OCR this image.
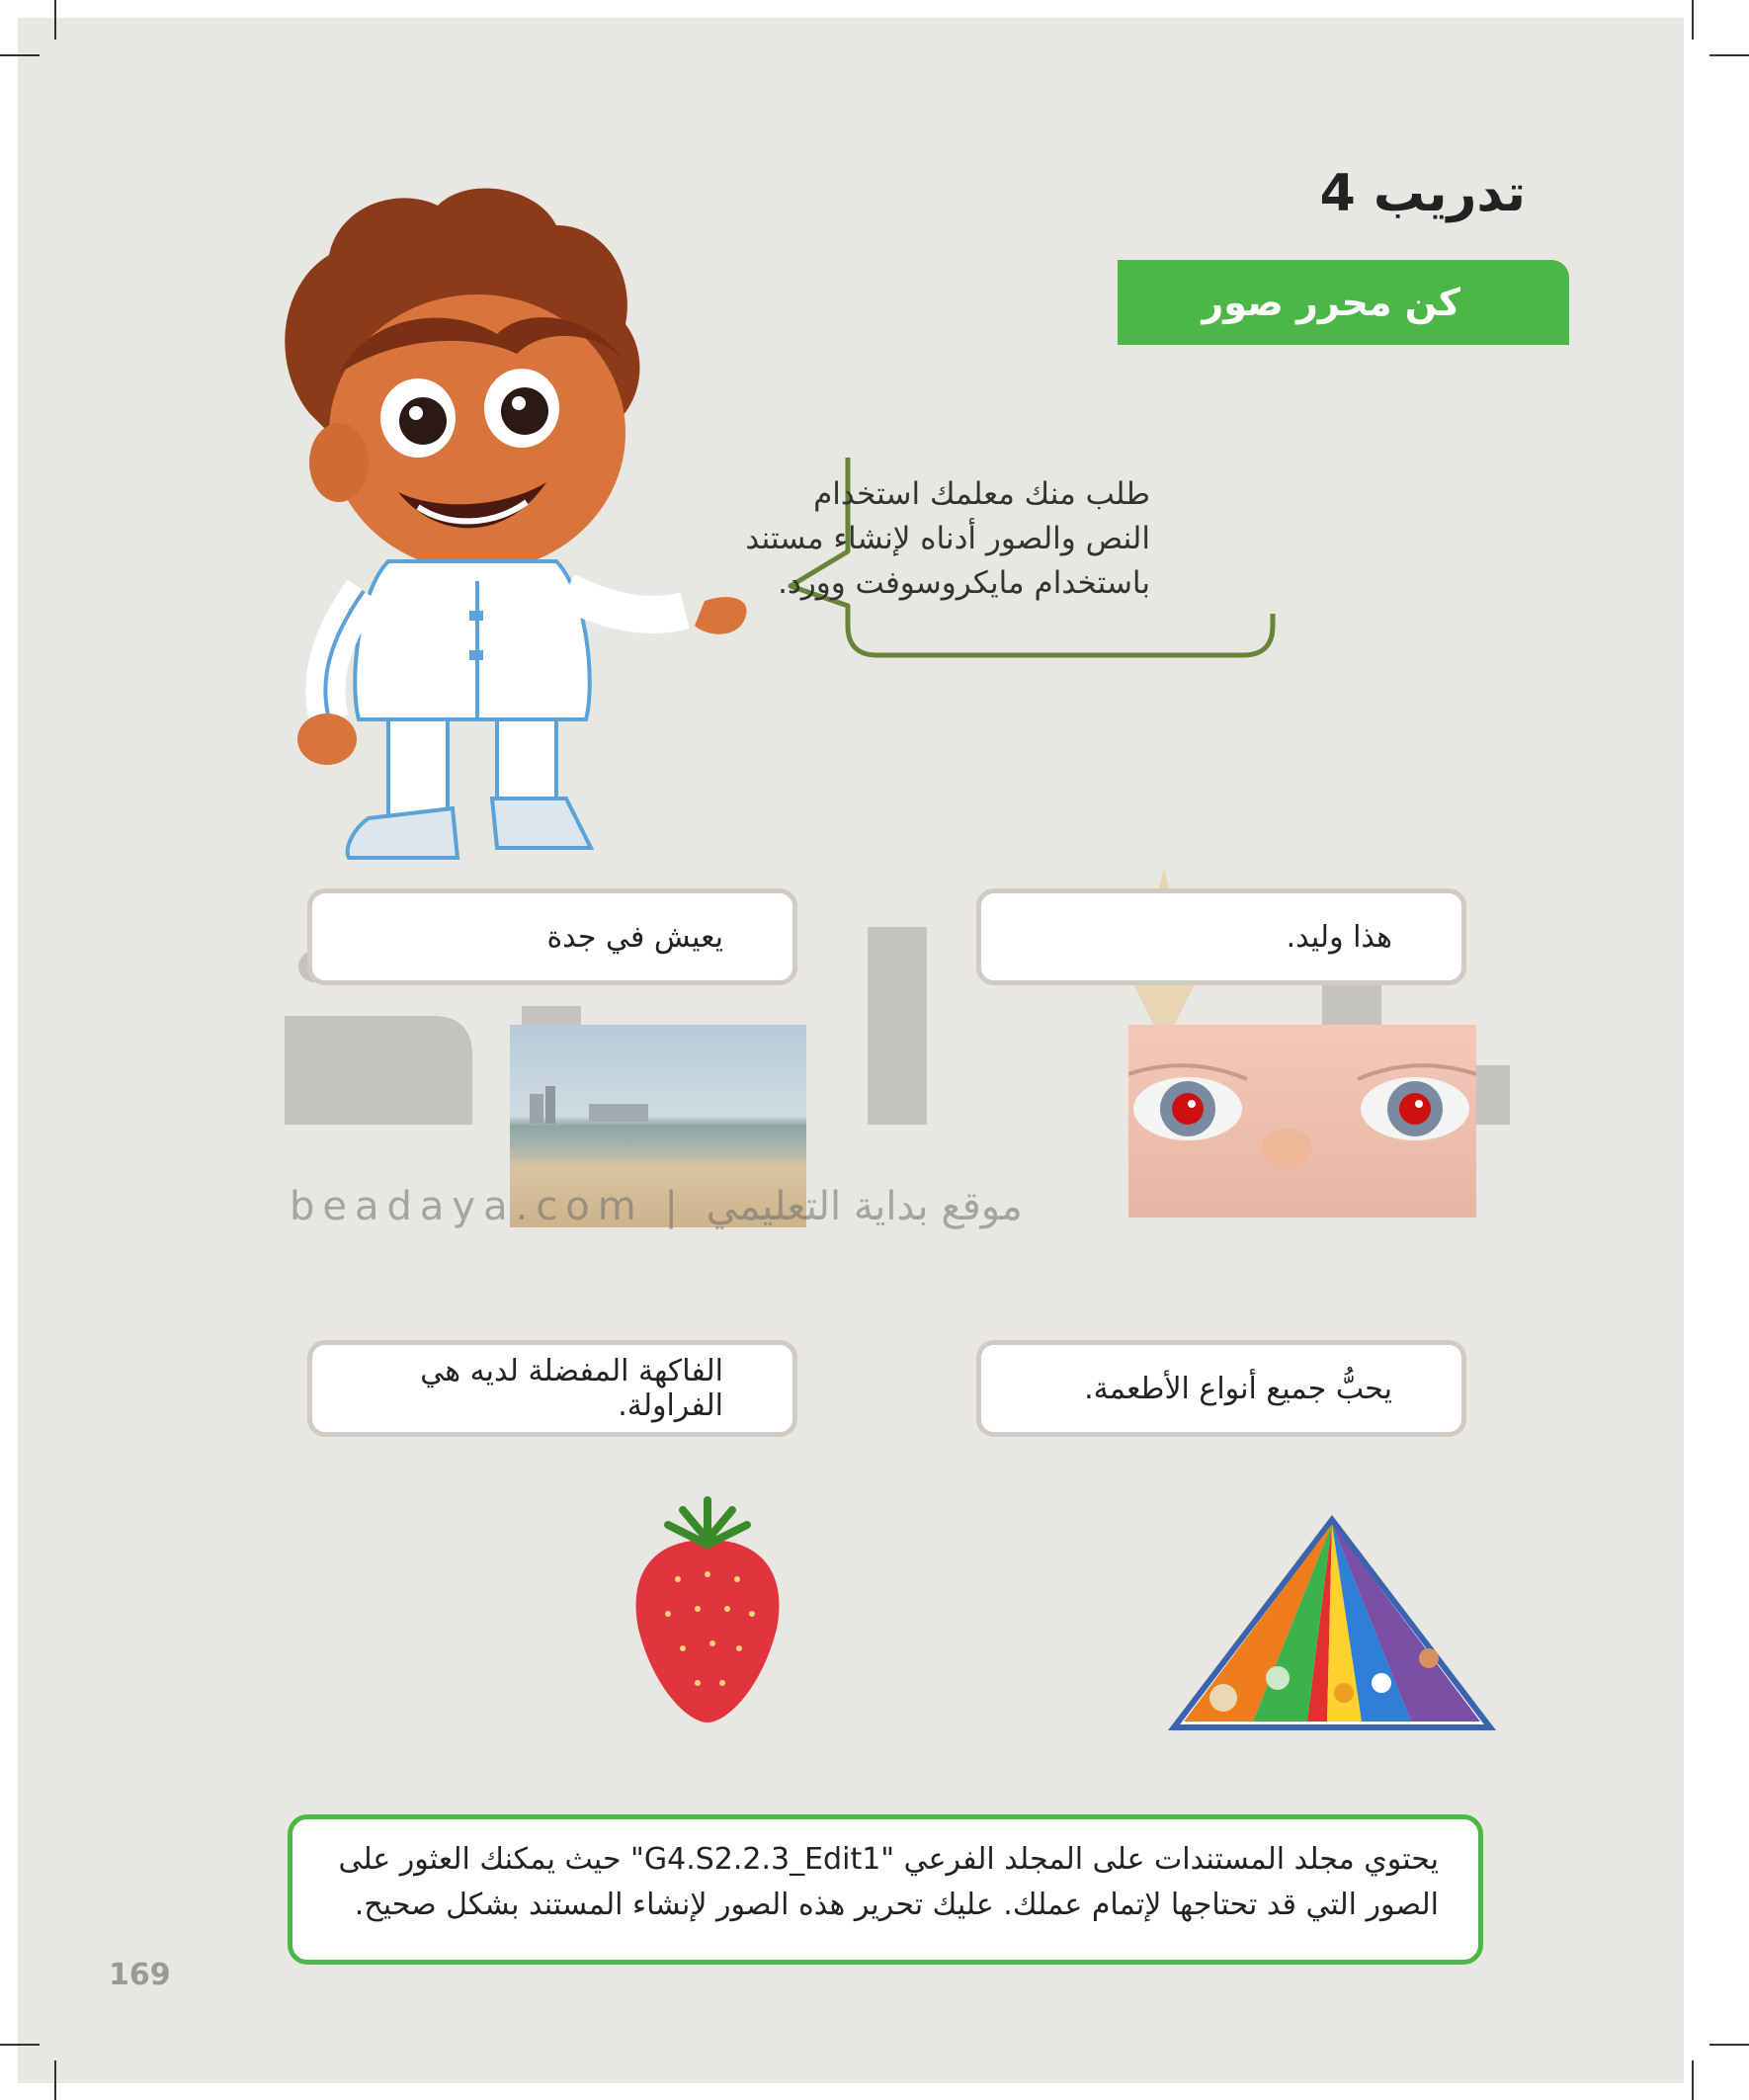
تدريب 4
كن محرر صور
طلب منك معلمك استخدام
النص والصور أدناه لإنشاء مستند
باستخدام مايكروسوفت وورد.
هذا وليد.
يعيش في جدة
beadaya.com | موقع بداية التعليمي
يحبُّ جميع أنواع الأطعمة.
الفاكهة المفضلة لديه هي الفراولة.

يحتوي مجلد المستندات على المجلد الفرعي "G4.S2.2.3_Edit1" حيث يمكنك العثور على

الصور التي قد تحتاجها لإتمام عملك. عليك تحرير هذه الصور لإنشاء المستند بشكل صحيح.

169
